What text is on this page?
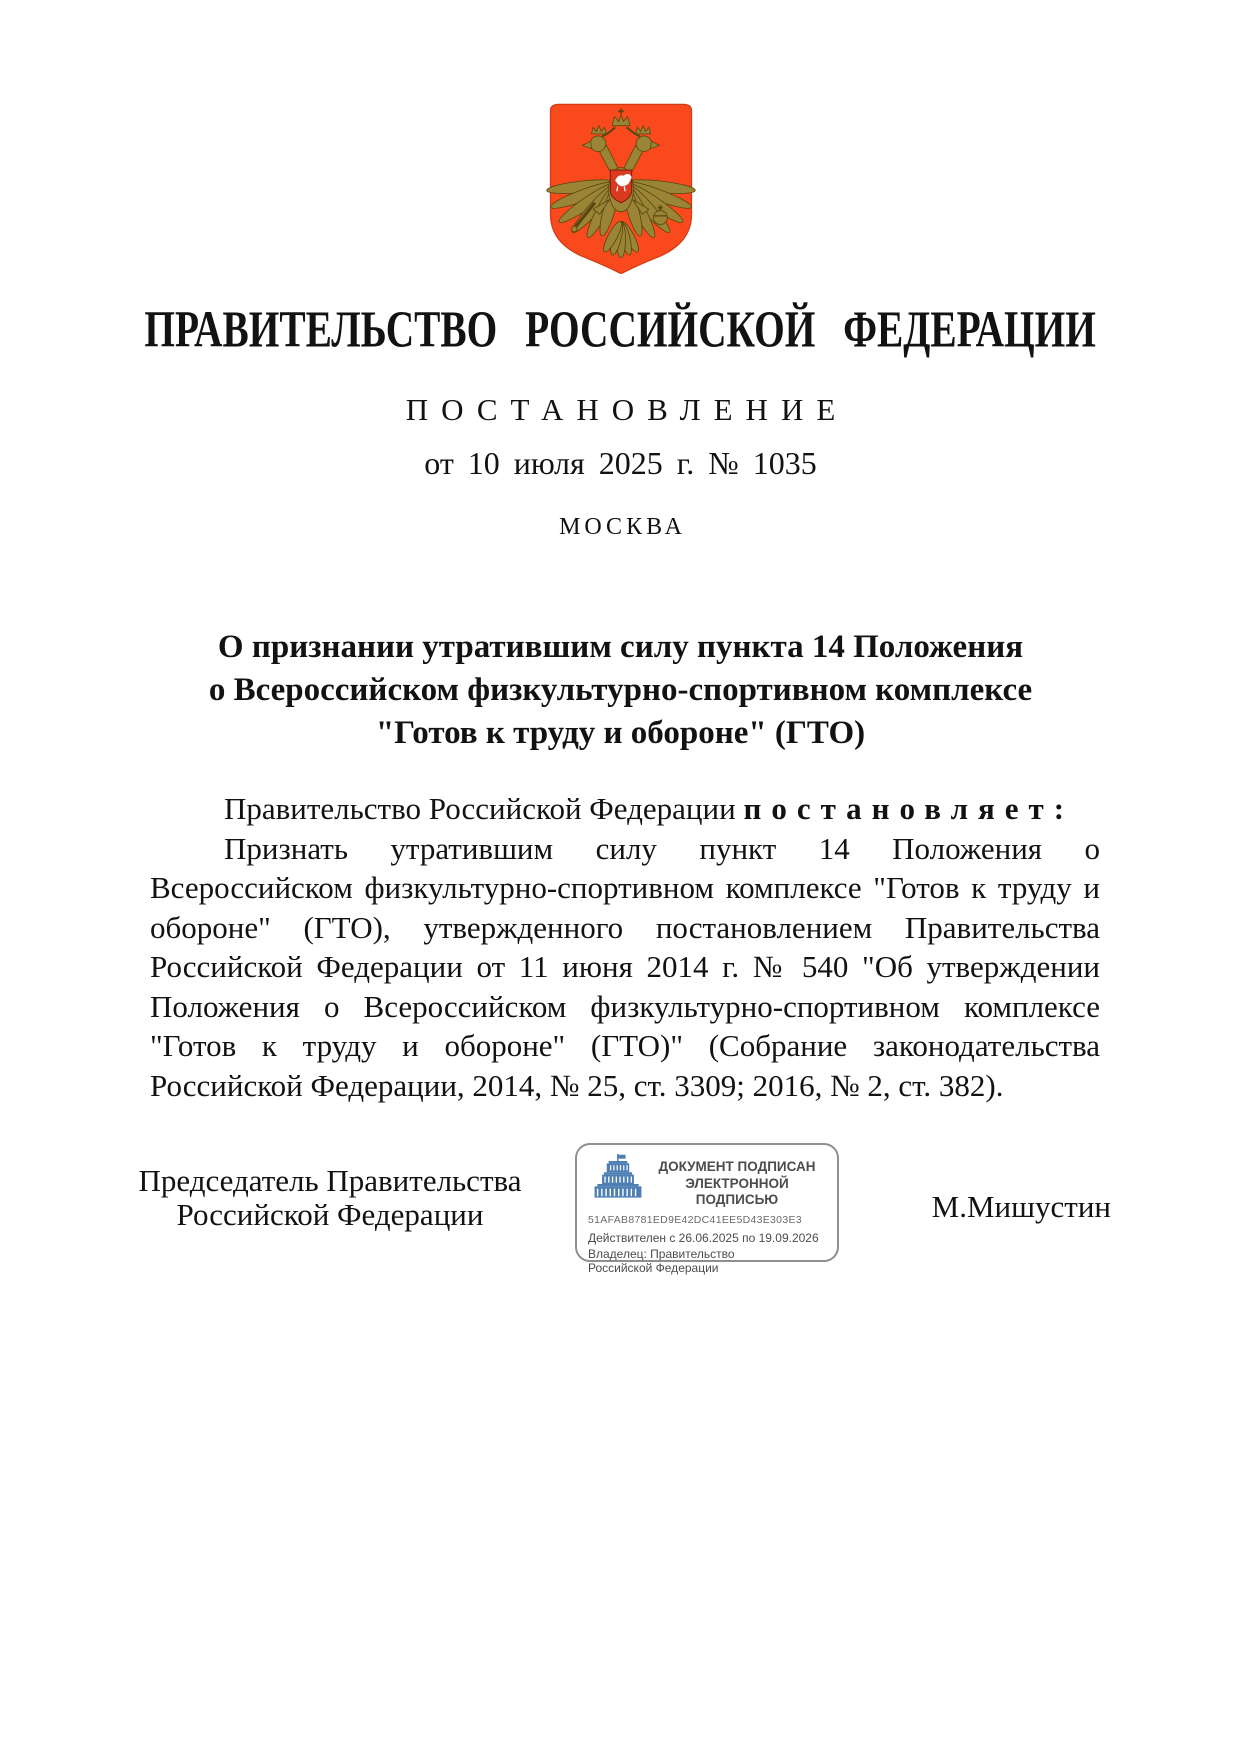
ПРАВИТЕЛЬСТВО РОССИЙСКОЙ ФЕДЕРАЦИИ
ПОСТАНОВЛЕНИЕ
от 10 июля 2025 г. № 1035
МОСКВА
О признании утратившим силу пункта 14 Положения
о Всероссийском физкультурно-спортивном комплексе
"Готов к труду и обороне" (ГТО)

Правительство Российской Федерации постановляет:

Признать утратившим силу пункт 14 Положения о Всероссийском физкультурно-спортивном комплексе "Готов к труду и обороне" (ГТО), утвержденного постановлением Правительства Российской Федерации от 11 июня 2014 г. № 540 "Об утверждении Положения о Всероссийском физкультурно-спортивном комплексе "Готов к труду и обороне" (ГТО)" (Собрание законодательства Российской Федерации, 2014, № 25, ст. 3309; 2016, № 2, ст. 382).

Председатель Правительства
Российской Федерации
ДОКУМЕНТ ПОДПИСАН
ЭЛЕКТРОННОЙ ПОДПИСЬЮ
51AFAB8781ED9E42DC41EE5D43E303E3
Действителен с 26.06.2025 по 19.09.2026
Владелец: Правительство Российской Федерации
М.Мишустин
